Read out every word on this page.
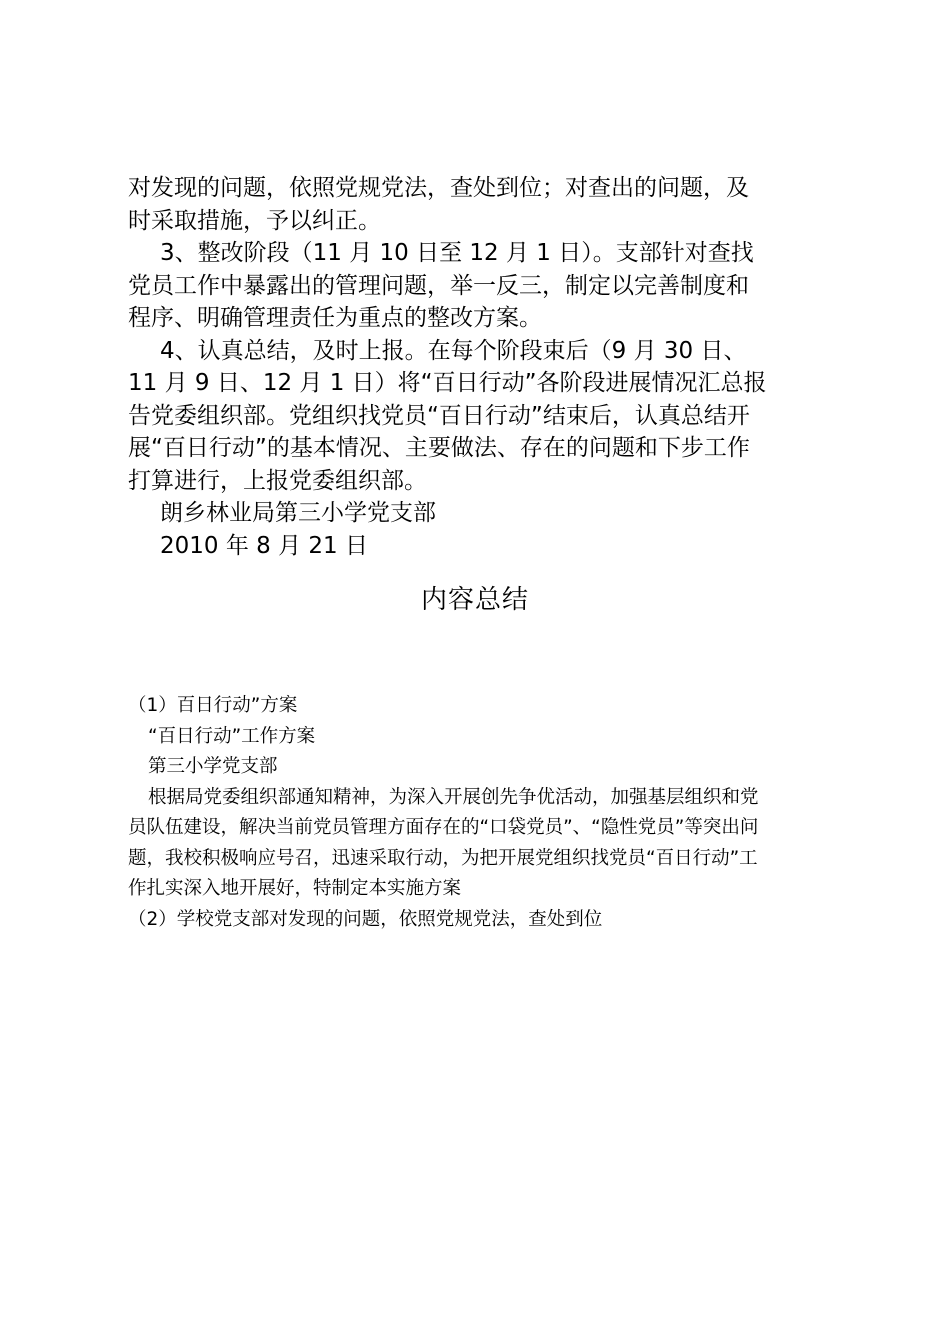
对发现的问题，依照党规党法，查处到位；对查出的问题，及

时采取措施，予以纠正。

3、整改阶段（11 月 10 日至 12 月 1 日）。支部针对查找

党员工作中暴露出的管理问题，举一反三，制定以完善制度和

程序、明确管理责任为重点的整改方案。

4、认真总结，及时上报。在每个阶段束后（9 月 30 日、

11 月 9 日、12 月 1 日）将“百日行动”各阶段进展情况汇总报

告党委组织部。党组织找党员“百日行动”结束后，认真总结开

展“百日行动”的基本情况、主要做法、存在的问题和下步工作

打算进行，上报党委组织部。

朗乡林业局第三小学党支部

2010 年 8 月 21 日

内容总结

（1）百日行动”方案

“百日行动”工作方案

第三小学党支部

根据局党委组织部通知精神，为深入开展创先争优活动，加强基层组织和党

员队伍建设，解决当前党员管理方面存在的“口袋党员”、“隐性党员”等突出问

题，我校积极响应号召，迅速采取行动，为把开展党组织找党员“百日行动”工

作扎实深入地开展好，特制定本实施方案

（2）学校党支部对发现的问题，依照党规党法，查处到位
